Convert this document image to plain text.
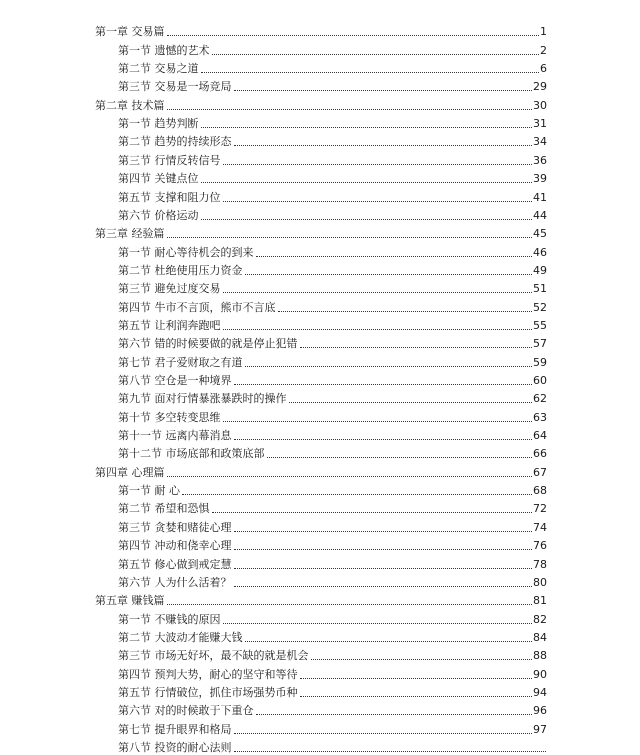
第一章 交易篇	1
第一节 遗憾的艺术	2
第二节 交易之道	6
第三节 交易是一场竞局	29
第二章 技术篇	30
第一节 趋势判断	31
第二节 趋势的持续形态	34
第三节 行情反转信号	36
第四节 关键点位	39
第五节 支撑和阻力位	41
第六节 价格运动	44
第三章 经验篇	45
第一节 耐心等待机会的到来	46
第二节 杜绝使用压力资金	49
第三节 避免过度交易	51
第四节 牛市不言顶，熊市不言底	52
第五节 让利润奔跑吧	55
第六节 错的时候要做的就是停止犯错	57
第七节 君子爱财取之有道	59
第八节 空仓是一种境界	60
第九节 面对行情暴涨暴跌时的操作	62
第十节 多空转变思维	63
第十一节 远离内幕消息	64
第十二节 市场底部和政策底部	66
第四章 心理篇	67
第一节 耐 心	68
第二节 希望和恐惧	72
第三节 贪婪和赌徒心理	74
第四节 冲动和侥幸心理	76
第五节 修心做到戒定慧	78
第六节 人为什么活着？	80
第五章 赚钱篇	81
第一节 不赚钱的原因	82
第二节 大波动才能赚大钱	84
第三节 市场无好坏，最不缺的就是机会	88
第四节 预判大势，耐心的坚守和等待	90
第五节 行情破位，抓住市场强势币种	94
第六节 对的时候敢于下重仓	96
第七节 提升眼界和格局	97
第八节 投资的耐心法则
